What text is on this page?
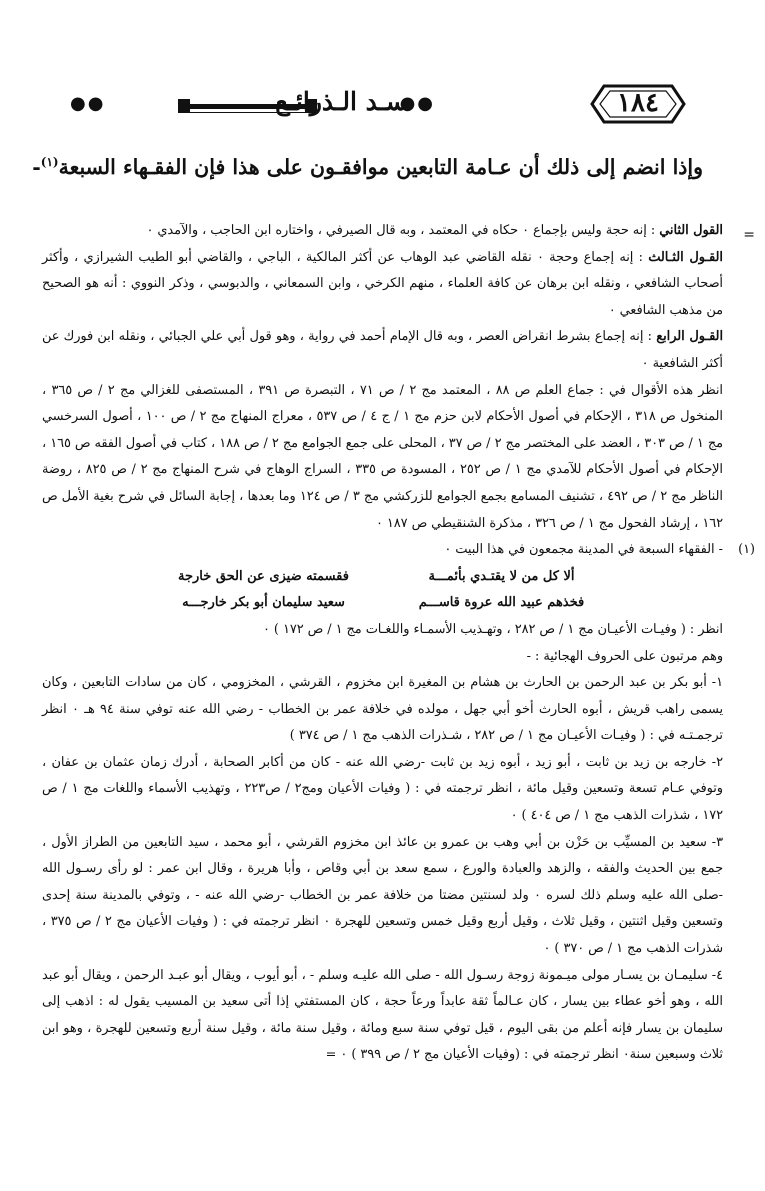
١٨٤
●●
سـد الـذرائـع
●●
وإذا انضم إلى ذلك أن عـامة التابعين موافقـون على هذا فإن الفقـهاء السبعة$^{(١)}$-
=

القول الثاني : إنه حجة وليس بإجماع ٠ حكاه في المعتمد ، وبه قال الصيرفي ، واختاره ابن الحاجب ، والآمدي ٠

القـول الثـالث : إنه إجماع وحجة ٠ نقله القاضي عبد الوهاب عن أكثر المالكية ، الباجي ، والقاضي أبو الطيب الشيرازي ، وأكثر أصحاب الشافعي ، ونقله ابن برهان عن كافة العلماء ، منهم الكرخي ، وابن السمعاني ، والدبوسي ، وذكر النووي : أنه هو الصحيح من مذهب الشافعي ٠

القـول الرابع : إنه إجماع بشرط انقراض العصر ، وبه قال الإمام أحمد في رواية ، وهو قول أبي علي الجبائي ، ونقله ابن فورك عن أكثر الشافعية ٠

انظر هذه الأقوال في : جماع العلم ص ٨٨ ، المعتمد مج ٢ / ص ٧١ ، التبصرة ص ٣٩١ ، المستصفى للغزالي مج ٢ / ص ٣٦٥ ، المنخول ص ٣١٨ ، الإحكام في أصول الأحكام لابن حزم مج ١ / ج ٤ / ص ٥٣٧ ، معراج المنهاج مج ٢ / ص ١٠٠ ، أصول السرخسي مج ١ / ص ٣٠٣ ، العضد على المختصر مج ٢ / ص ٣٧ ، المحلى على جمع الجوامع مج ٢ / ص ١٨٨ ، كتاب في أصول الفقه ص ١٦٥ ، الإحكام في أصول الأحكام للآمدي مج ١ / ص ٢٥٢ ، المسودة ص ٣٣٥ ، السراج الوهاج في شرح المنهاج مج ٢ / ص ٨٢٥ ، روضة الناظر مج ٢ / ص ٤٩٢ ، تشنيف المسامع بجمع الجوامع للزركشي مج ٣ / ص ١٢٤ وما بعدها ، إجابة السائل في شرح بغية الأمل ص ١٦٢ ، إرشاد الفحول مج ١ / ص ٣٢٦ ، مذكرة الشنقيطي ص ١٨٧ ٠

(١)
- الفقهاء السبعة في المدينة مجمعون في هذا البيت ٠

ألا كل من لا يقتـدي بأئمـــة
فقسمته ضيزى عن الحق خارجة
فخذهم عبيد الله عروة قاســـم
سعيد سليمان أبو بكر خارجـــه

انظر : ( وفيـات الأعيـان مج ١ / ص ٢٨٢ ، وتهـذيب الأسمـاء واللغـات مج ١ / ص ١٧٢ ) ٠

وهم مرتبون على الحروف الهجائية : -

١- أبو بكر بن عبد الرحمن بن الحارث بن هشام بن المغيرة ابن مخزوم ، القرشي ، المخزومي ، كان من سادات التابعين ، وكان يسمى راهب قريش ، أبوه الحارث أخو أبي جهل ، مولده في خلافة عمر بن الخطاب - رضي الله عنه توفي سنة ٩٤ هـ ٠ انظر ترجمـتـه في : ( وفيـات الأعيـان مج ١ / ص ٢٨٢ ، شـذرات الذهب مج ١ / ص ٣٧٤ )

٢- خارجه بن زيد بن ثابت ، أبو زيد ، أبوه زيد بن ثابت -رضي الله عنه - كان من أكابر الصحابة ، أدرك زمان عثمان بن عفان ، وتوفي عـام تسعة وتسعين وقيل مائة ، انظر ترجمته في : ( وفيات الأعيان ومج٢ / ص٢٢٣ ، وتهذيب الأسماء واللغات مج ١ / ص ١٧٢ ، شذرات الذهب مج ١ / ص ٤٠٤ ) ٠

٣- سعيد بن المسيِّب بن حَزْن بن أبي وهب بن عمرو بن عائذ ابن مخزوم القرشي ، أبو محمد ، سيد التابعين من الطراز الأول ، جمع بين الحديث والفقه ، والزهد والعبادة والورع ، سمع سعد بن أبي وقاص ، وأبا هريرة ، وقال ابن عمر : لو رأى رسـول الله -صلى الله عليه وسلم ذلك لسره ٠ ولد لسنتين مضتا من خلافة عمر بن الخطاب -رضي الله عنه - ، وتوفي بالمدينة سنة إحدى وتسعين وقيل اثنتين ، وقيل ثلاث ، وقيل أربع وقيل خمس وتسعين للهجرة ٠ انظر ترجمته في : ( وفيات الأعيان مج ٢ / ص ٣٧٥ ، شذرات الذهب مج ١ / ص ٣٧٠ ) ٠

٤- سليمـان بن يسـار مولى ميـمونة زوجة رسـول الله - صلى الله عليـه وسلم - ، أبو أيوب ، ويقال أبو عبـد الرحمن ، ويقال أبو عبد الله ، وهو أخو عطاء بين يسار ، كان عـالماً ثقة عابداً ورعاً حجة ، كان المستفتي إذا أتى سعيد بن المسيب يقول له : اذهب إلى سليمان بن يسار فإنه أعلم من بقى اليوم ، قيل توفي سنة سبع ومائة ، وقيل سنة مائة ، وقيل سنة أربع وتسعين للهجرة ، وهو ابن ثلاث وسبعين سنة٠ انظر ترجمته في : (وفيات الأعيان مج ٢ / ص ٣٩٩ ) ٠ =
